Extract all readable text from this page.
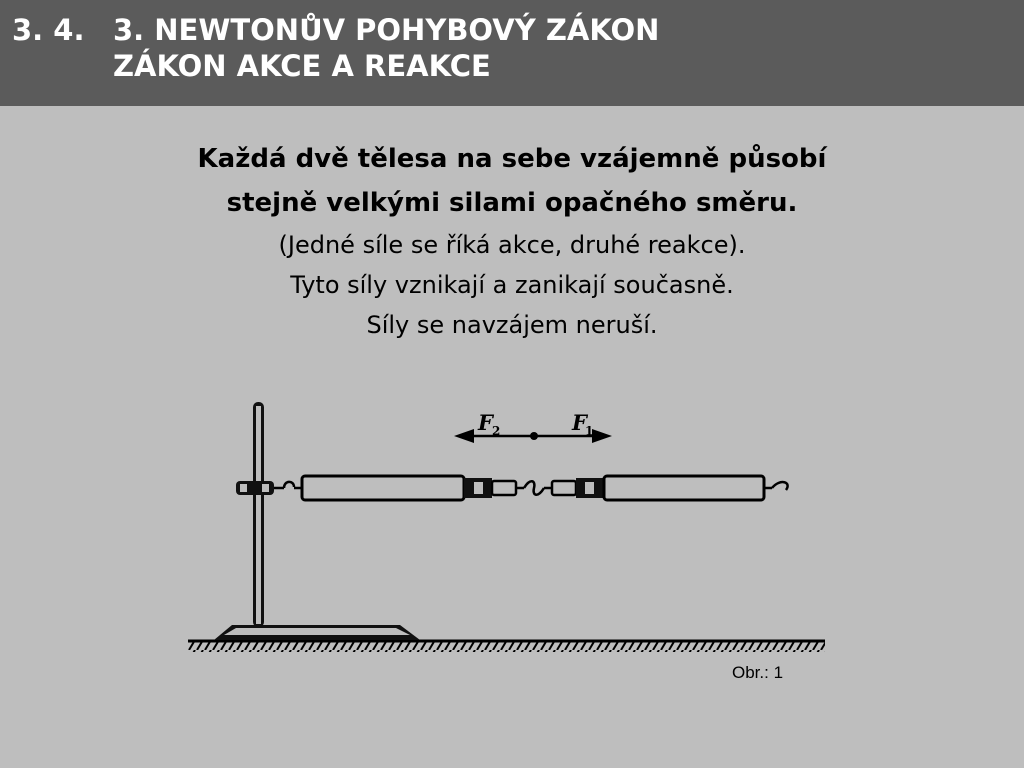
3. 4. 3. NEWTONŮV POHYBOVÝ ZÁKON
ZÁKON AKCE A REAKCE
Každá dvě tělesa na sebe vzájemně působí
stejně velkými silami opačného směru.
(Jedné síle se říká akce, druhé reakce).
Tyto síly vznikají a zanikají současně.
Síly se navzájem neruší.
F 2	F
1
Obr.: 1
